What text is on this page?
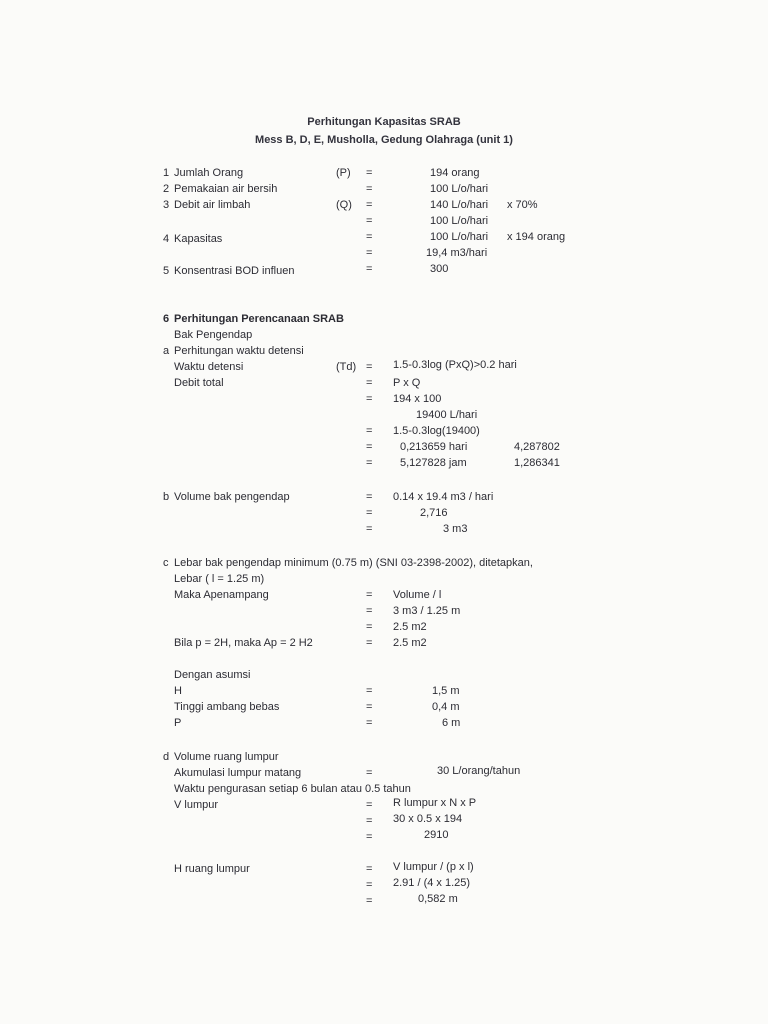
Perhitungan Kapasitas SRAB
Mess B, D, E, Musholla, Gedung Olahraga (unit 1)
1 Jumlah Orang	(P) =	194 orang
2 Pemakaian air bersih	=	100 L/o/hari
3 Debit air limbah	(Q) =	140 L/o/hari x 70%
=	100 L/o/hari
4 Kapasitas	=	100 L/o/hari x 194 orang
=	19,4 m3/hari
5 Konsentrasi BOD influen	=	300
6 Perhitungan Perencanaan SRAB
Bak Pengendap
a Perhitungan waktu detensi
Waktu detensi	(Td) = 1.5-0.3log (PxQ)>0.2 hari
Debit total	= P x Q
= 194 x 100
19400 L/hari
= 1.5-0.3log(19400)
=	0,213659 hari	4,287802
=	5,127828 jam	1,286341
b Volume bak pengendap	= 0.14 x 19.4 m3 / hari
=	2,716
=	3 m3
c Lebar bak pengendap minimum (0.75 m) (SNI 03-2398-2002), ditetapkan,
Lebar ( l = 1.25 m)
Maka Apenampang	= Volume / l
= 3 m3 / 1.25 m
= 2.5 m2
Bila p = 2H, maka Ap = 2 H2	= 2.5 m2
Dengan asumsi
H	=	1,5 m
Tinggi ambang bebas	=	0,4 m
P	=	6 m
d Volume ruang lumpur
Akumulasi lumpur matang	=	30 L/orang/tahun
Waktu pengurasan setiap 6 bulan atau 0.5 tahun
V lumpur	= R lumpur x N x P
= 30 x 0.5 x 194
=	2910
H ruang lumpur	= V lumpur / (p x l)
= 2.91 / (4 x 1.25)
=	0,582 m
